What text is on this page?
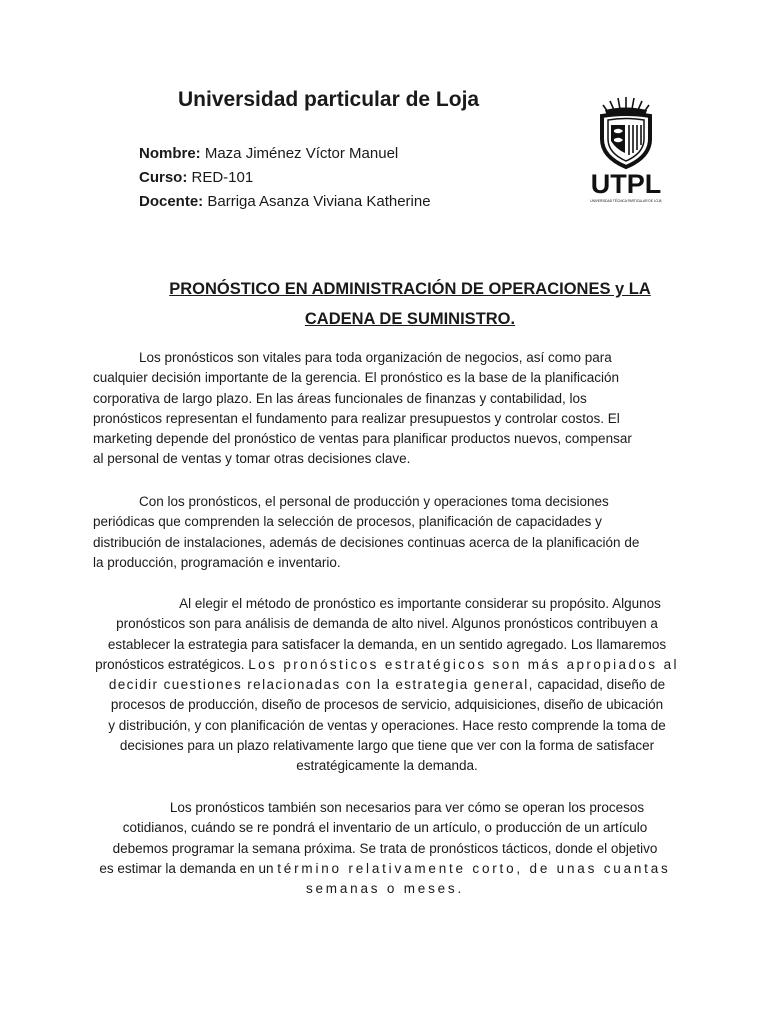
Universidad particular de Loja
Nombre: Maza Jiménez Víctor Manuel
Curso: RED-101
Docente: Barriga Asanza Viviana Katherine
UTPL
UNIVERSIDAD TÉCNICA PARTICULAR DE LOJA
PRONÓSTICO EN ADMINISTRACIÓN DE OPERACIONES y LA
CADENA DE SUMINISTRO.

Los pronósticos son vitales para toda organización de negocios, así como para
cualquier decisión importante de la gerencia. El pronóstico es la base de la planificación
corporativa de largo plazo. En las áreas funcionales de finanzas y contabilidad, los
pronósticos representan el fundamento para realizar presupuestos y controlar costos. El
marketing depende del pronóstico de ventas para planificar productos nuevos, compensar
al personal de ventas y tomar otras decisiones clave.

Con los pronósticos, el personal de producción y operaciones toma decisiones
periódicas que comprenden la selección de procesos, planificación de capacidades y
distribución de instalaciones, además de decisiones continuas acerca de la planificación de
la producción, programación e inventario.

Al elegir el método de pronóstico es importante considerar su propósito. Algunos
pronósticos son para análisis de demanda de alto nivel. Algunos pronósticos contribuyen a
establecer la estrategia para satisfacer la demanda, en un sentido agregado. Los llamaremos
pronósticos estratégicos. Los pronósticos estratégicos son más apropiados al
decidir cuestiones relacionadas con la estrategia general, capacidad, diseño de
procesos de producción, diseño de procesos de servicio, adquisiciones, diseño de ubicación
y distribución, y con planificación de ventas y operaciones. Hace resto comprende la toma de
decisiones para un plazo relativamente largo que tiene que ver con la forma de satisfacer
estratégicamente la demanda.

Los pronósticos también son necesarios para ver cómo se operan los procesos
cotidianos, cuándo se re pondrá el inventario de un artículo, o producción de un artículo
debemos programar la semana próxima. Se trata de pronósticos tácticos, donde el objetivo
es estimar la demanda en un término relativamente corto, de unas cuantas
semanas o meses.
